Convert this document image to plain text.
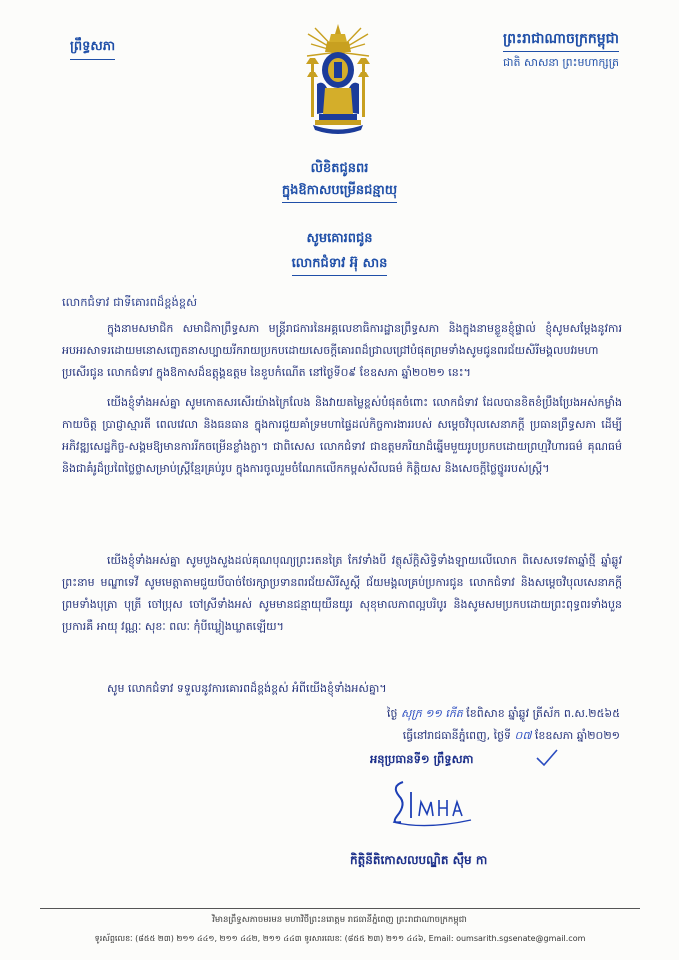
ព្រឹទ្ធសភា	ព្រះរាជាណាចក្រកម្ពុជា
ជាតិ សាសនា ព្រះមហាក្សត្រ
លិខិតជូនពរ
ក្នុងឱកាសបម្រើនជន្មាយុ
សូមគោរពជូន
លោកជំទាវ អ៊ុ សាន
លោកជំទាវ ជាទីគោរពដ៏ខ្ពង់ខ្ពស់
ក្នុងនាមសមាជិក សមាជិកាព្រឹទ្ធសភា មន្ត្រីរាជការនៃអគ្គលេខាធិការដ្ឋានព្រឹទ្ធសភា និងក្នុងនាមខ្លួនខ្ញុំផ្ទាល់ ខ្ញុំសូមសម្តែងនូវការអបអរសាទរដោយមនោសញ្ចេតនាសប្បាយរីករាយប្រកបដោយសេចក្តីគោរពដ៏ជ្រាលជ្រៅបំផុតព្រមទាំងសូមជូនពរជ័យសិរីមង្គលបវរមហាប្រសើរជូន លោកជំទាវ ក្នុងឱកាសដ៏ឧត្តុង្គឧត្តម នៃខួបកំណើត នៅថ្ងៃទី០៩ ខែឧសភា ឆ្នាំ២០២១ នេះ។
យើងខ្ញុំទាំងអស់គ្នា សូមកោតសរសើរយ៉ាងក្រៃលែង និងវាយតម្លៃខ្ពស់បំផុតចំពោះ លោកជំទាវ ដែលបានខិតខំប្រឹងប្រែងអស់កម្លាំងកាយចិត្ត ប្រាជ្ញាស្មារតី ពេលវេលា និងធនធាន ក្នុងការជួយគាំទ្រមហាផ្ទៃដល់កិច្ចការងាររបស់ សម្តេចវិបុលសេនាភក្តី ប្រធានព្រឹទ្ធសភា ដើម្បីអភិវឌ្ឍសេដ្ឋកិច្ច-សង្គមឱ្យមានការរីកចម្រើនខ្លាំងក្លា។ ជាពិសេស លោកជំទាវ ជាឧត្តមភរិយាដ៏ឆ្នើមមួយរូបប្រកបដោយព្រហ្មវិហារធម៌ គុណធម៌ និងជាគំរូដ៏ប្រពៃថ្លៃថ្លាសម្រាប់ស្ត្រីខ្មែរគ្រប់រូប ក្នុងការចូលរួមចំណែកលើកកម្ពស់សីលធម៌ កិត្តិយស និងសេចក្តីថ្លៃថ្នូររបស់ស្ត្រី។
យើងខ្ញុំទាំងអស់គ្នា សូមបួងសួងដល់គុណបុណ្យព្រះរតនត្រៃ កែវទាំងបី វត្ថុស័ក្តិសិទ្ធិទាំងឡាយលើលោក ពិសេសទេវតាឆ្នាំថ្មី ឆ្នាំឆ្លូវ ព្រះនាម មណ្ឌាទេវី សូមមេត្តាតាមជួយបីបាច់ថែរក្សាប្រទានពរជ័យសិរីសួស្តី ជ័យមង្គលគ្រប់ប្រការជូន លោកជំទាវ និងសម្តេចវិបុលសេនាភក្តី ព្រមទាំងបុត្រា បុត្រី ចៅប្រុស ចៅស្រីទាំងអស់ សូមមានជន្មាយុយឺនយូរ សុខុមាលភាពល្អបរិបូរ និងសូមសមប្រកបដោយព្រះពុទ្ធពរទាំងបួនប្រការគឺ អាយុ វណ្ណៈ សុខៈ ពលៈ កុំបីឃ្លៀងឃ្លាតឡើយ។
សូម លោកជំទាវ ទទួលនូវការគោរពដ៏ខ្ពង់ខ្ពស់ អំពីយើងខ្ញុំទាំងអស់គ្នា។
ថ្ងៃ សុក្រ ១១ កើត ខែពិសាខ ឆ្នាំឆ្លូវ ត្រីស័ក ព.ស.២៥៦៥
ធ្វើនៅរាជធានីភ្នំពេញ, ថ្ងៃទី ០៧ ខែឧសភា ឆ្នាំ២០២១
អនុប្រធានទី១ ព្រឹទ្ធសភា
កិត្តិនីតិកោសលបណ្ឌិត ស៊ឹម កា
វិមានព្រឹទ្ធសភាចមរមន មហាវិថីព្រះនរោត្តម រាជធានីភ្នំពេញ ព្រះរាជាណាចក្រកម្ពុជា
ទូរស័ព្ទលេខៈ (៨៥៥ ២៣) ២១១ ៤៤១, ២១១ ៤៤២, ២១១ ៤៤៣ ទូរសារលេខៈ (៨៥៥ ២៣) ២១១ ៤៤៦, Email: oumsarith.sgsenate@gmail.com
